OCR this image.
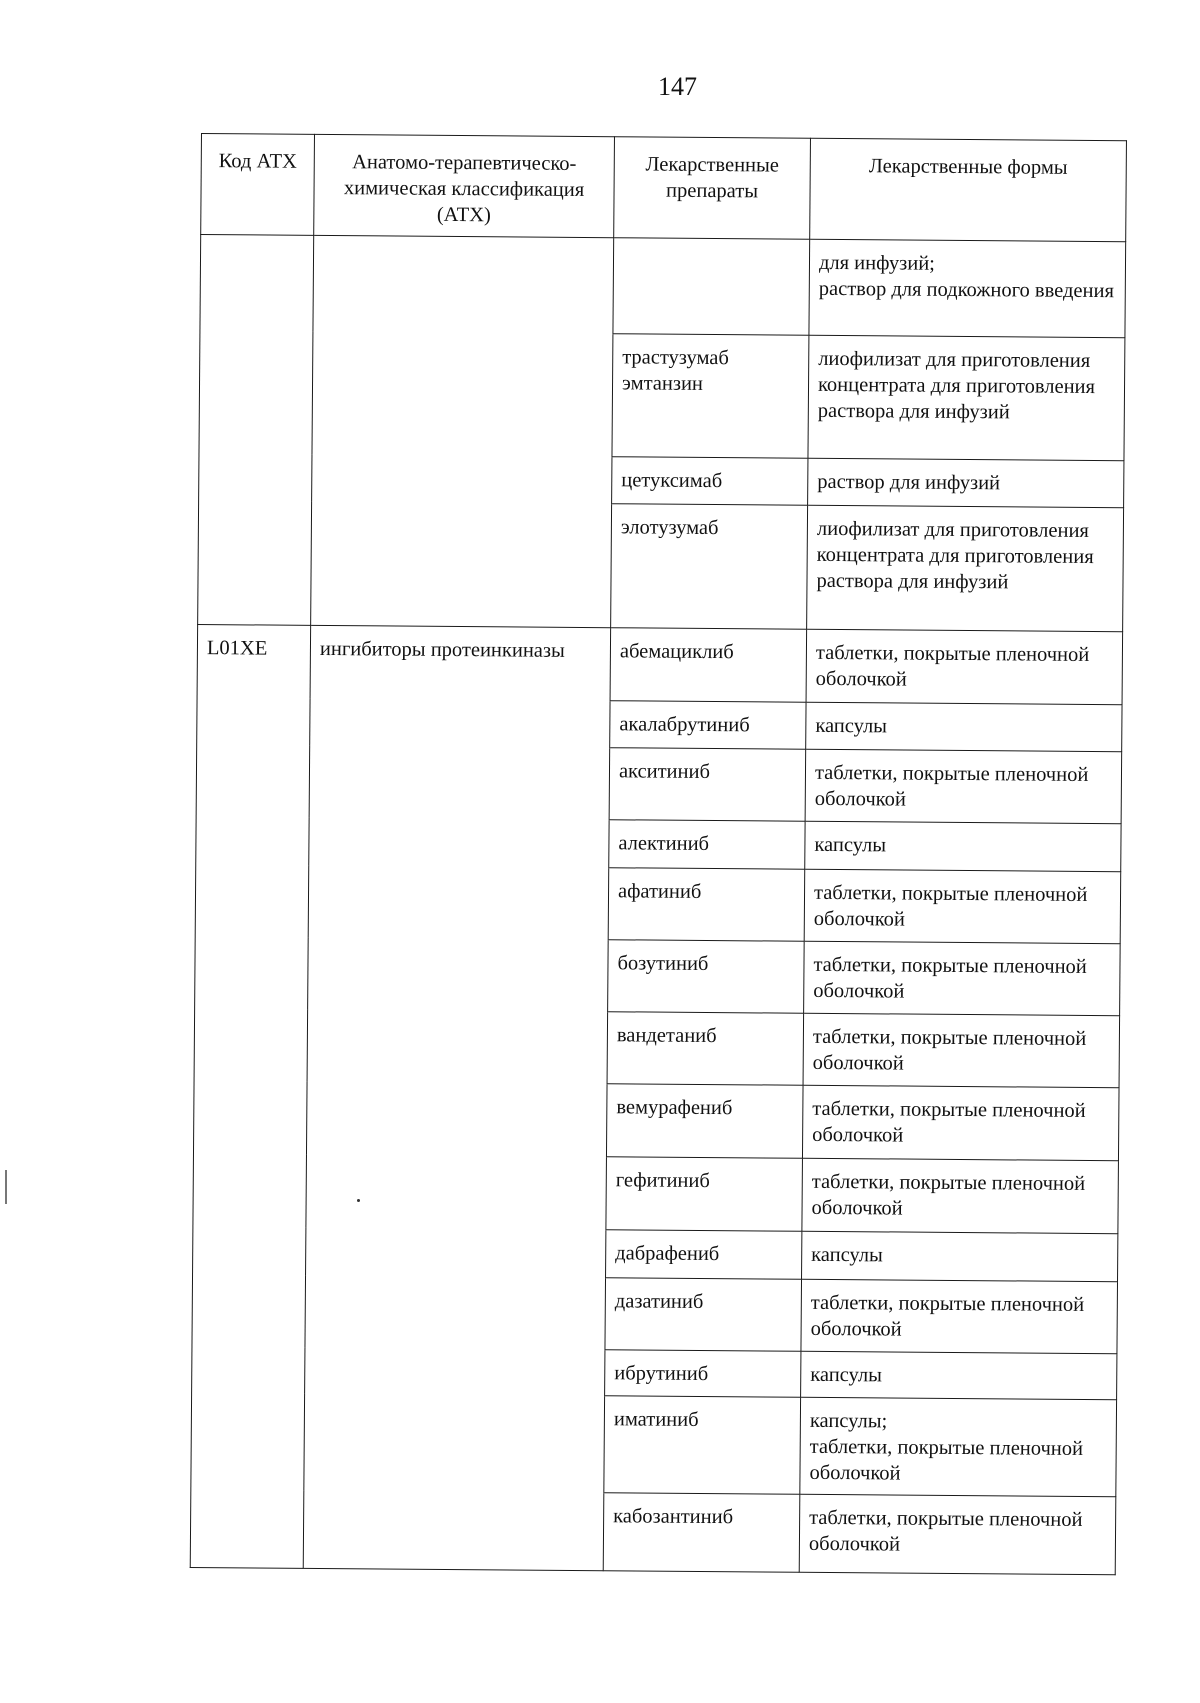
147
Код АТХ	Анатомо-терапевтическо-химическая классификация (АТХ)	Лекарственные препараты	Лекарственные формы
			для инфузий;
раствор для подкожного введения
		трастузумаб эмтанзин	лиофилизат для приготовления концентрата для приготовления раствора для инфузий
		цетуксимаб	раствор для инфузий
		элотузумаб	лиофилизат для приготовления концентрата для приготовления раствора для инфузий
L01XE	ингибиторы протеинкиназы	абемациклиб	таблетки, покрытые пленочной оболочкой
		акалабрутиниб	капсулы
		акситиниб	таблетки, покрытые пленочной оболочкой
		алектиниб	капсулы
		афатиниб	таблетки, покрытые пленочной оболочкой
		бозутиниб	таблетки, покрытые пленочной оболочкой
		вандетаниб	таблетки, покрытые пленочной оболочкой
		вемурафениб	таблетки, покрытые пленочной оболочкой
		гефитиниб	таблетки, покрытые пленочной оболочкой
		дабрафениб	капсулы
		дазатиниб	таблетки, покрытые пленочной оболочкой
		ибрутиниб	капсулы
		иматиниб	капсулы;
таблетки, покрытые пленочной оболочкой
		кабозантиниб	таблетки, покрытые пленочной оболочкой
